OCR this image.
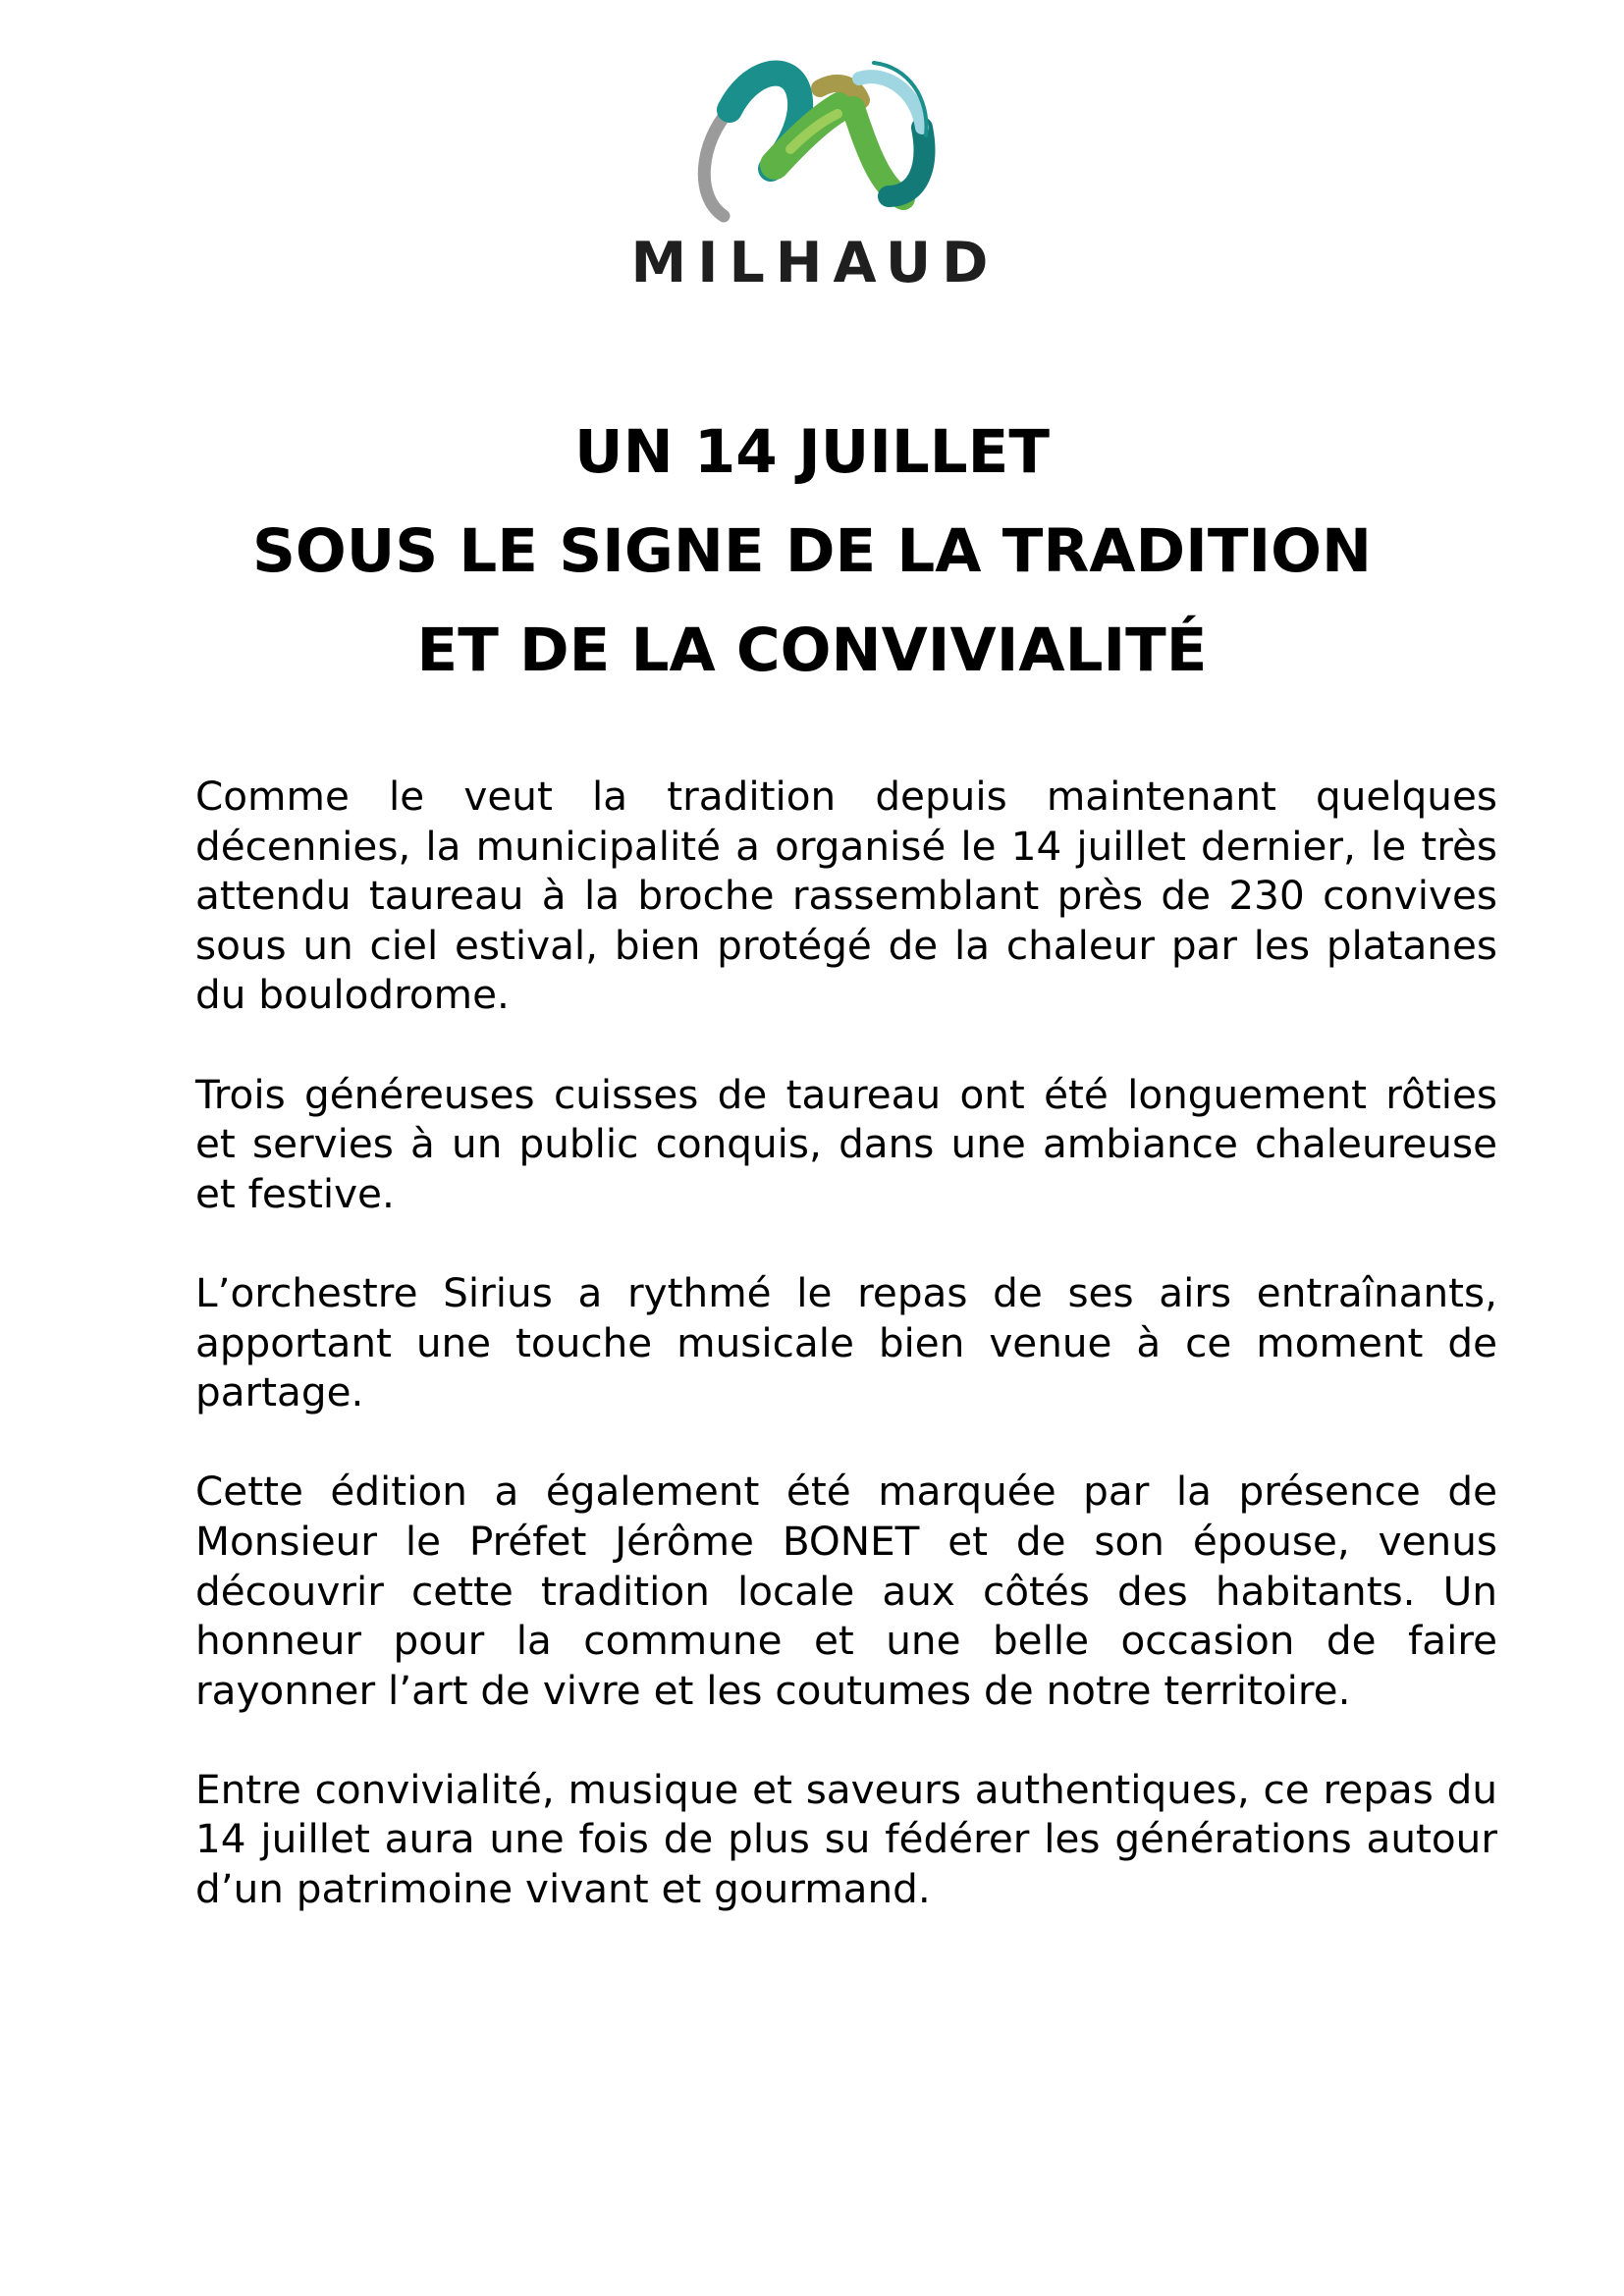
MILHAUD
UN 14 JUILLET
SOUS LE SIGNE DE LA TRADITION
ET DE LA CONVIVIALITÉ

Comme le veut la tradition depuis maintenant quelques décennies, la municipalité a organisé le 14 juillet dernier, le très attendu taureau à la broche rassemblant près de 230 convives sous un ciel estival, bien protégé de la chaleur par les platanes du boulodrome.

Trois généreuses cuisses de taureau ont été longuement rôties et servies à un public conquis, dans une ambiance chaleureuse et festive.

L’orchestre Sirius a rythmé le repas de ses airs entraînants, apportant une touche musicale bien venue à ce moment de partage.

Cette édition a également été marquée par la présence de Monsieur le Préfet Jérôme BONET et de son épouse, venus découvrir cette tradition locale aux côtés des habitants. Un honneur pour la commune et une belle occasion de faire rayonner l’art de vivre et les coutumes de notre territoire.

Entre convivialité, musique et saveurs authentiques, ce repas du 14 juillet aura une fois de plus su fédérer les générations autour d’un patrimoine vivant et gourmand.
